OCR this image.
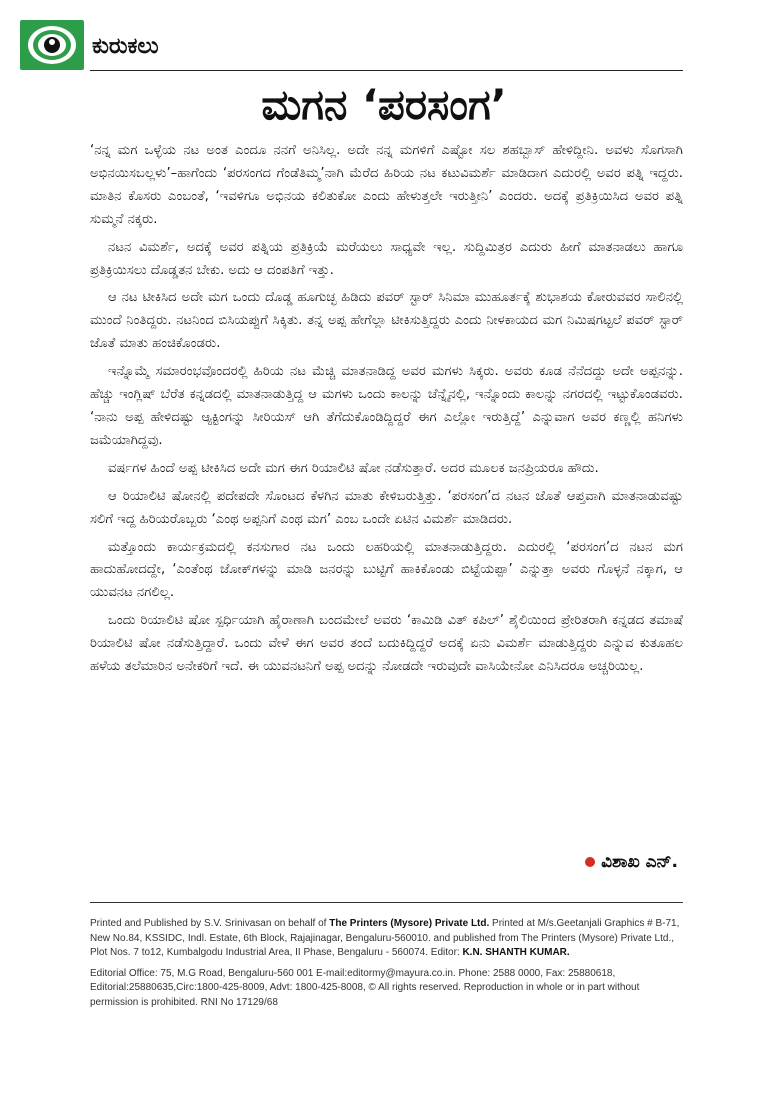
ಕುರುಕಲು
ಮಗನ ‘ಪರಸಂಗ’

‘ನನ್ನ ಮಗ ಒಳ್ಳೆಯ ನಟ ಅಂತ ಎಂದೂ ನನಗೆ ಅನಿಸಿಲ್ಲ. ಅದೇ ನನ್ನ ಮಗಳಿಗೆ ಎಷ್ಟೋ ಸಲ ಶಹಬ್ಬಾಸ್ ಹೇಳಿದ್ದೀನಿ. ಅವಳು ಸೊಗಸಾಗಿ ಅಭಿನಯಿಸಬಲ್ಲಳು’–ಹಾಗೆಂದು ‘ಪರಸಂಗದ ಗೆಂಡೆತಿಮ್ಮ’ನಾಗಿ ಮೆರೆದ ಹಿರಿಯ ನಟ ಕಟುವಿಮರ್ಶೆ ಮಾಡಿದಾಗ ಎದುರಲ್ಲಿ ಅವರ ಪತ್ನಿ ಇದ್ದರು. ಮಾತಿನ ಕೊಸರು ಎಂಬಂತೆ, ‘ಇವಳಿಗೂ ಅಭಿನಯ ಕಲಿತುಕೋ ಎಂದು ಹೇಳುತ್ತಲೇ ಇರುತ್ತೀನಿ’ ಎಂದರು. ಅದಕ್ಕೆ ಪ್ರತಿಕ್ರಿಯಿಸಿದ ಅವರ ಪತ್ನಿ ಸುಮ್ಮನೆ ನಕ್ಕರು.

ನಟನ ವಿಮರ್ಶೆ, ಅದಕ್ಕೆ ಅವರ ಪತ್ನಿಯ ಪ್ರತಿಕ್ರಿಯೆ ಮರೆಯಲು ಸಾಧ್ಯವೇ ಇಲ್ಲ. ಸುದ್ದಿಮಿತ್ರರ ಎದುರು ಹೀಗೆ ಮಾತನಾಡಲು ಹಾಗೂ ಪ್ರತಿಕ್ರಿಯಿಸಲು ದೊಡ್ಡತನ ಬೇಕು. ಅದು ಆ ದಂಪತಿಗೆ ಇತ್ತು.

ಆ ನಟ ಟೀಕಿಸಿದ ಅದೇ ಮಗ ಒಂದು ದೊಡ್ಡ ಹೂಗುಚ್ಛ ಹಿಡಿದು ಪವರ್ ಸ್ಟಾರ್ ಸಿನಿಮಾ ಮುಹೂರ್ತಕ್ಕೆ ಶುಭಾಶಯ ಕೋರುವವರ ಸಾಲಿನಲ್ಲಿ ಮುಂದೆ ನಿಂತಿದ್ದರು. ನಟನಿಂದ ಬಿಸಿಯಪ್ಪುಗೆ ಸಿಕ್ಕಿತು. ತನ್ನ ಅಪ್ಪ ಹೇಗೆಲ್ಲಾ ಟೀಕಿಸುತ್ತಿದ್ದರು ಎಂದು ನೀಳಕಾಯದ ಮಗ ನಿಮಿಷಗಟ್ಟಲೆ ಪವರ್ ಸ್ಟಾರ್ ಜೊತೆ ಮಾತು ಹಂಚಿಕೊಂಡರು.

ಇನ್ನೊಮ್ಮೆ ಸಮಾರಂಭವೊಂದರಲ್ಲಿ ಹಿರಿಯ ನಟ ಮೆಚ್ಚಿ ಮಾತನಾಡಿದ್ದ ಅವರ ಮಗಳು ಸಿಕ್ಕರು. ಅವರು ಕೂಡ ನೆನೆದದ್ದು ಅದೇ ಅಪ್ಪನನ್ನು. ಹೆಚ್ಚು ಇಂಗ್ಲಿಷ್ ಬೆರೆತ ಕನ್ನಡದಲ್ಲಿ ಮಾತನಾಡುತ್ತಿದ್ದ ಆ ಮಗಳು ಒಂದು ಕಾಲನ್ನು ಚೆನ್ನೈನಲ್ಲಿ, ಇನ್ನೊಂದು ಕಾಲನ್ನು ನಗರದಲ್ಲಿ ಇಟ್ಟುಕೊಂಡವರು. ‘ನಾನು ಅಪ್ಪ ಹೇಳಿದಷ್ಟು ಆ್ಯಕ್ಟಿಂಗನ್ನು ಸೀರಿಯಸ್ ಆಗಿ ತೆಗೆದುಕೊಂಡಿದ್ದಿದ್ದರೆ ಈಗ ಎಲ್ಲೋ ಇರುತ್ತಿದ್ದೆ’ ಎನ್ನುವಾಗ ಅವರ ಕಣ್ಣಲ್ಲಿ ಹನಿಗಳು ಜಮೆಯಾಗಿದ್ದವು.

ವರ್ಷಗಳ ಹಿಂದೆ ಅಪ್ಪ ಟೀಕಿಸಿದ ಅದೇ ಮಗ ಈಗ ರಿಯಾಲಿಟಿ ಷೋ ನಡೆಸುತ್ತಾರೆ. ಅದರ ಮೂಲಕ ಜನಪ್ರಿಯರೂ ಹೌದು.

ಆ ರಿಯಾಲಿಟಿ ಷೋನಲ್ಲಿ ಪದೇಪದೇ ಸೊಂಟದ ಕೆಳಗಿನ ಮಾತು ಕೇಳಿಬರುತ್ತಿತ್ತು. ‘ಪರಸಂಗ’ದ ನಟನ ಜೊತೆ ಆಪ್ತವಾಗಿ ಮಾತನಾಡುವಷ್ಟು ಸಲಿಗೆ ಇದ್ದ ಹಿರಿಯರೊಬ್ಬರು ‘ಎಂಥ ಅಪ್ಪನಿಗೆ ಎಂಥ ಮಗ’ ಎಂಬ ಒಂದೇ ಏಟಿನ ವಿಮರ್ಶೆ ಮಾಡಿದರು.

ಮತ್ತೊಂದು ಕಾರ್ಯಕ್ರಮದಲ್ಲಿ ಕನಸುಗಾರ ನಟ ಒಂದು ಲಹರಿಯಲ್ಲಿ ಮಾತನಾಡುತ್ತಿದ್ದರು. ಎದುರಲ್ಲಿ ‘ಪರಸಂಗ’ದ ನಟನ ಮಗ ಹಾದುಹೋದದ್ದೇ, ‘ಎಂತೆಂಥ ಜೋಕ್‌ಗಳನ್ನು ಮಾಡಿ ಜನರನ್ನು ಬುಟ್ಟಿಗೆ ಹಾಕಿಕೊಂಡು ಬಿಟ್ಟೆಯಪ್ಪಾ’ ಎನ್ನುತ್ತಾ ಅವರು ಗೊಳ್ಳನೆ ನಕ್ಕಾಗ, ಆ ಯುವನಟ ನಗಲಿಲ್ಲ.

ಒಂದು ರಿಯಾಲಿಟಿ ಷೋ ಸ್ಪರ್ಧಿಯಾಗಿ ಹೈರಾಣಾಗಿ ಬಂದಮೇಲೆ ಅವರು ‘ಕಾಮಿಡಿ ವಿತ್ ಕಪಿಲ್’ ಶೈಲಿಯಿಂದ ಪ್ರೇರಿತರಾಗಿ ಕನ್ನಡದ ತಮಾಷೆ ರಿಯಾಲಿಟಿ ಷೋ ನಡೆಸುತ್ತಿದ್ದಾರೆ. ಒಂದು ವೇಳೆ ಈಗ ಅವರ ತಂದೆ ಬದುಕಿದ್ದಿದ್ದರೆ ಅದಕ್ಕೆ ಏನು ವಿಮರ್ಶೆ ಮಾಡುತ್ತಿದ್ದರು ಎನ್ನುವ ಕುತೂಹಲ ಹಳೆಯ ತಲೆಮಾರಿನ ಅನೇಕರಿಗೆ ಇದೆ. ಈ ಯುವನಟನಿಗೆ ಅಪ್ಪ ಅದನ್ನು ನೋಡದೇ ಇರುವುದೇ ವಾಸಿಯೇನೋ ಎನಿಸಿದರೂ ಅಚ್ಚರಿಯಿಲ್ಲ.

ವಿಶಾಖ ಎನ್.

Printed and Published by S.V. Srinivasan on behalf of The Printers (Mysore) Private Ltd. Printed at M/s.Geetanjali Graphics # B-71, New No.84, KSSIDC, Indl. Estate, 6th Block, Rajajinagar, Bengaluru-560010. and published from The Printers (Mysore) Private Ltd., Plot Nos. 7 to12, Kumbalgodu Industrial Area, II Phase, Bengaluru - 560074. Editor: K.N. SHANTH KUMAR.

Editorial Office: 75, M.G Road, Bengaluru-560 001 E-mail:editormy@mayura.co.in. Phone: 2588 0000, Fax: 25880618, Editorial:25880635,Circ:1800-425-8009, Advt: 1800-425-8008, © All rights reserved. Reproduction in whole or in part without permission is prohibited. RNI No 17129/68
